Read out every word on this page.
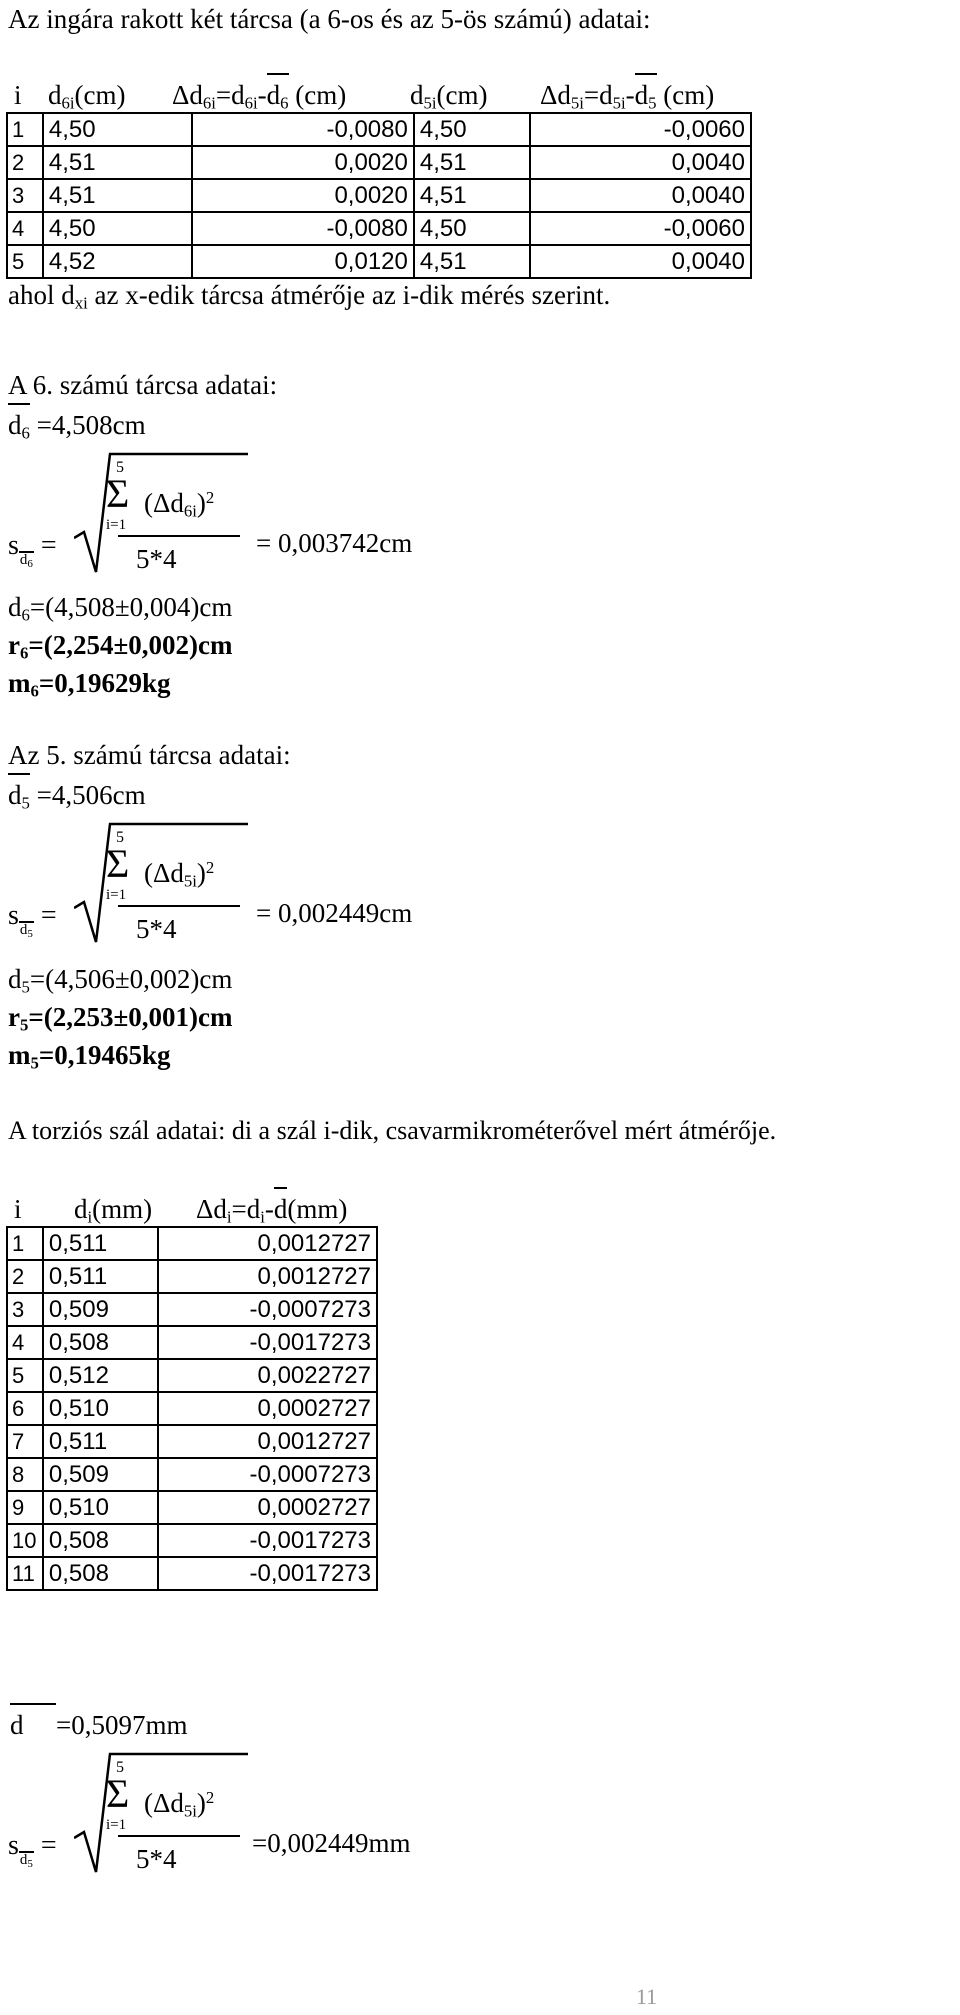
Az ingára rakott két tárcsa (a 6-os és az 5-ös számú) adatai:
i $d_{6i}(cm)$ $\Delta d_{6i}=d_{6i}-d_6$ (cm) $d_{5i}(cm)$ $\Delta d_{5i}=d_{5i}-d_5$ (cm)
1	4,50	-0,0080	4,50	-0,0060
2	4,51	0,0020	4,51	0,0040
3	4,51	0,0020	4,51	0,0040
4	4,50	-0,0080	4,50	-0,0060
5	4,52	0,0120	4,51	0,0040
ahol $d_{xi}$ az x-edik tárcsa átmérője az i-dik mérés szerint.
A 6. számú tárcsa adatai:
$d_6 =4,508cm$
$sd_6$ =
5
Σ
i=1
$(\Delta d_{6i})^2$
5*4
= 0,003742cm
$d_6=(4,508\pm 0,004)cm$
$r_6=(2,254\pm 0,002)cm$
$m_6=0,19629kg$
Az 5. számú tárcsa adatai:
$d_5 =4,506cm$
$sd_5$ =
5
Σ
i=1
$(\Delta d_{5i})^2$
5*4
= 0,002449cm
$d_5=(4,506\pm 0,002)cm$
$r_5=(2,253\pm 0,001)cm$
$m_5=0,19465kg$
A torziós szál adatai: di a szál i-dik, csavarmikrométerővel mért átmérője.
i $d_i(mm)$ $\Delta d_i=d_i-d(mm)$
1	0,511	0,0012727
2	0,511	0,0012727
3	0,509	-0,0007273
4	0,508	-0,0017273
5	0,512	0,0022727
6	0,510	0,0002727
7	0,511	0,0012727
8	0,509	-0,0007273
9	0,510	0,0002727
10	0,508	-0,0017273
11	0,508	-0,0017273
d =0,5097mm
$sd_5$ =
5
Σ
i=1
$(\Delta d_{5i})^2$
5*4
=0,002449mm
11
